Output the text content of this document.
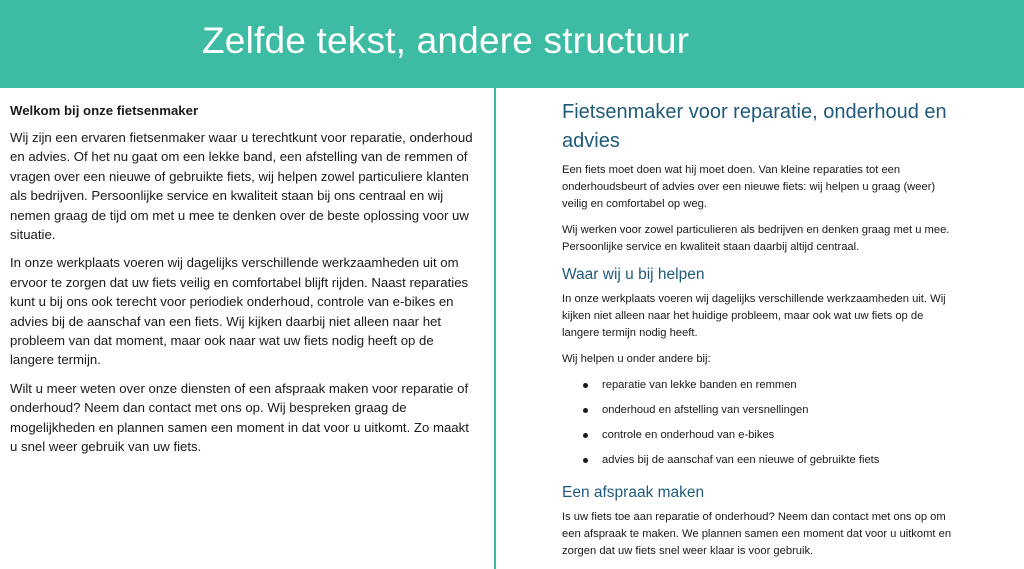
Zelfde tekst, andere structuur
Welkom bij onze fietsenmaker

Wij zijn een ervaren fietsenmaker waar u terechtkunt voor reparatie, onderhoud en advies. Of het nu gaat om een lekke band, een afstelling van de remmen of vragen over een nieuwe of gebruikte fiets, wij helpen zowel particuliere klanten als bedrijven. Persoonlijke service en kwaliteit staan bij ons centraal en wij nemen graag de tijd om met u mee te denken over de beste oplossing voor uw situatie.

In onze werkplaats voeren wij dagelijks verschillende werkzaamheden uit om ervoor te zorgen dat uw fiets veilig en comfortabel blijft rijden. Naast reparaties kunt u bij ons ook terecht voor periodiek onderhoud, controle van e-bikes en advies bij de aanschaf van een fiets. Wij kijken daarbij niet alleen naar het probleem van dat moment, maar ook naar wat uw fiets nodig heeft op de langere termijn.

Wilt u meer weten over onze diensten of een afspraak maken voor reparatie of onderhoud? Neem dan contact met ons op. Wij bespreken graag de mogelijkheden en plannen samen een moment in dat voor u uitkomt. Zo maakt u snel weer gebruik van uw fiets.

Fietsenmaker voor reparatie, onderhoud en advies

Een fiets moet doen wat hij moet doen. Van kleine reparaties tot een onderhoudsbeurt of advies over een nieuwe fiets: wij helpen u graag (weer) veilig en comfortabel op weg.

Wij werken voor zowel particulieren als bedrijven en denken graag met u mee. Persoonlijke service en kwaliteit staan daarbij altijd centraal.

Waar wij u bij helpen

In onze werkplaats voeren wij dagelijks verschillende werkzaamheden uit. Wij kijken niet alleen naar het huidige probleem, maar ook wat uw fiets op de langere termijn nodig heeft.

Wij helpen u onder andere bij:

reparatie van lekke banden en remmen
onderhoud en afstelling van versnellingen
controle en onderhoud van e-bikes
advies bij de aanschaf van een nieuwe of gebruikte fiets
Een afspraak maken

Is uw fiets toe aan reparatie of onderhoud? Neem dan contact met ons op om een afspraak te maken. We plannen samen een moment dat voor u uitkomt en zorgen dat uw fiets snel weer klaar is voor gebruik.
